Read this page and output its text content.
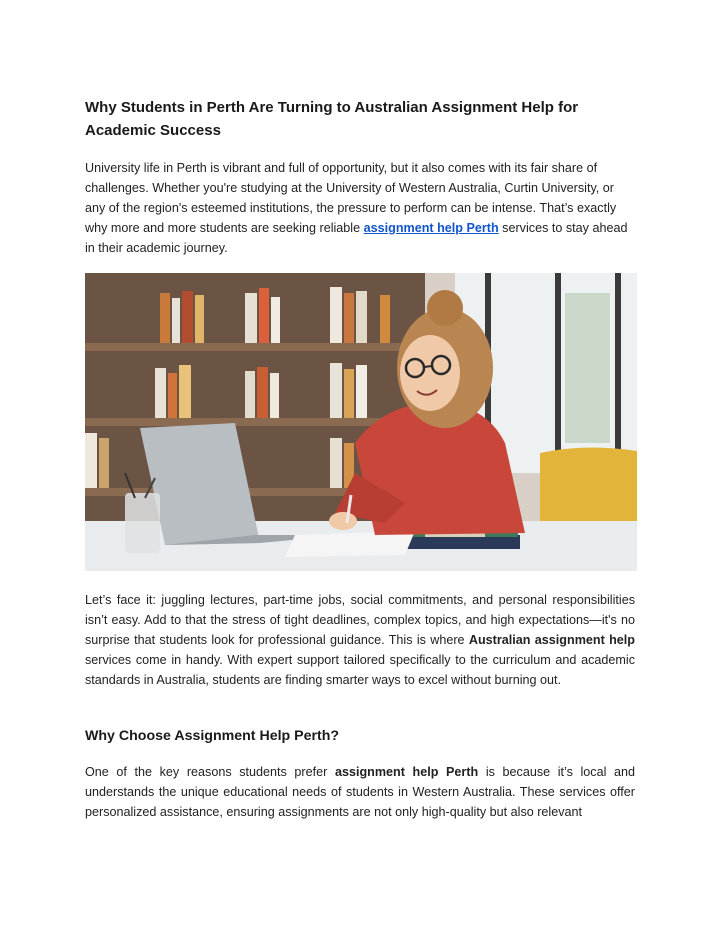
Why Students in Perth Are Turning to Australian Assignment Help for Academic Success

University life in Perth is vibrant and full of opportunity, but it also comes with its fair share of challenges. Whether you're studying at the University of Western Australia, Curtin University, or any of the region's esteemed institutions, the pressure to perform can be intense. That’s exactly why more and more students are seeking reliable assignment help Perth services to stay ahead in their academic journey.

Let’s face it: juggling lectures, part-time jobs, social commitments, and personal responsibilities isn’t easy. Add to that the stress of tight deadlines, complex topics, and high expectations—it's no surprise that students look for professional guidance. This is where Australian assignment help services come in handy. With expert support tailored specifically to the curriculum and academic standards in Australia, students are finding smarter ways to excel without burning out.

Why Choose Assignment Help Perth?

One of the key reasons students prefer assignment help Perth is because it’s local and understands the unique educational needs of students in Western Australia. These services offer personalized assistance, ensuring assignments are not only high-quality but also relevant
